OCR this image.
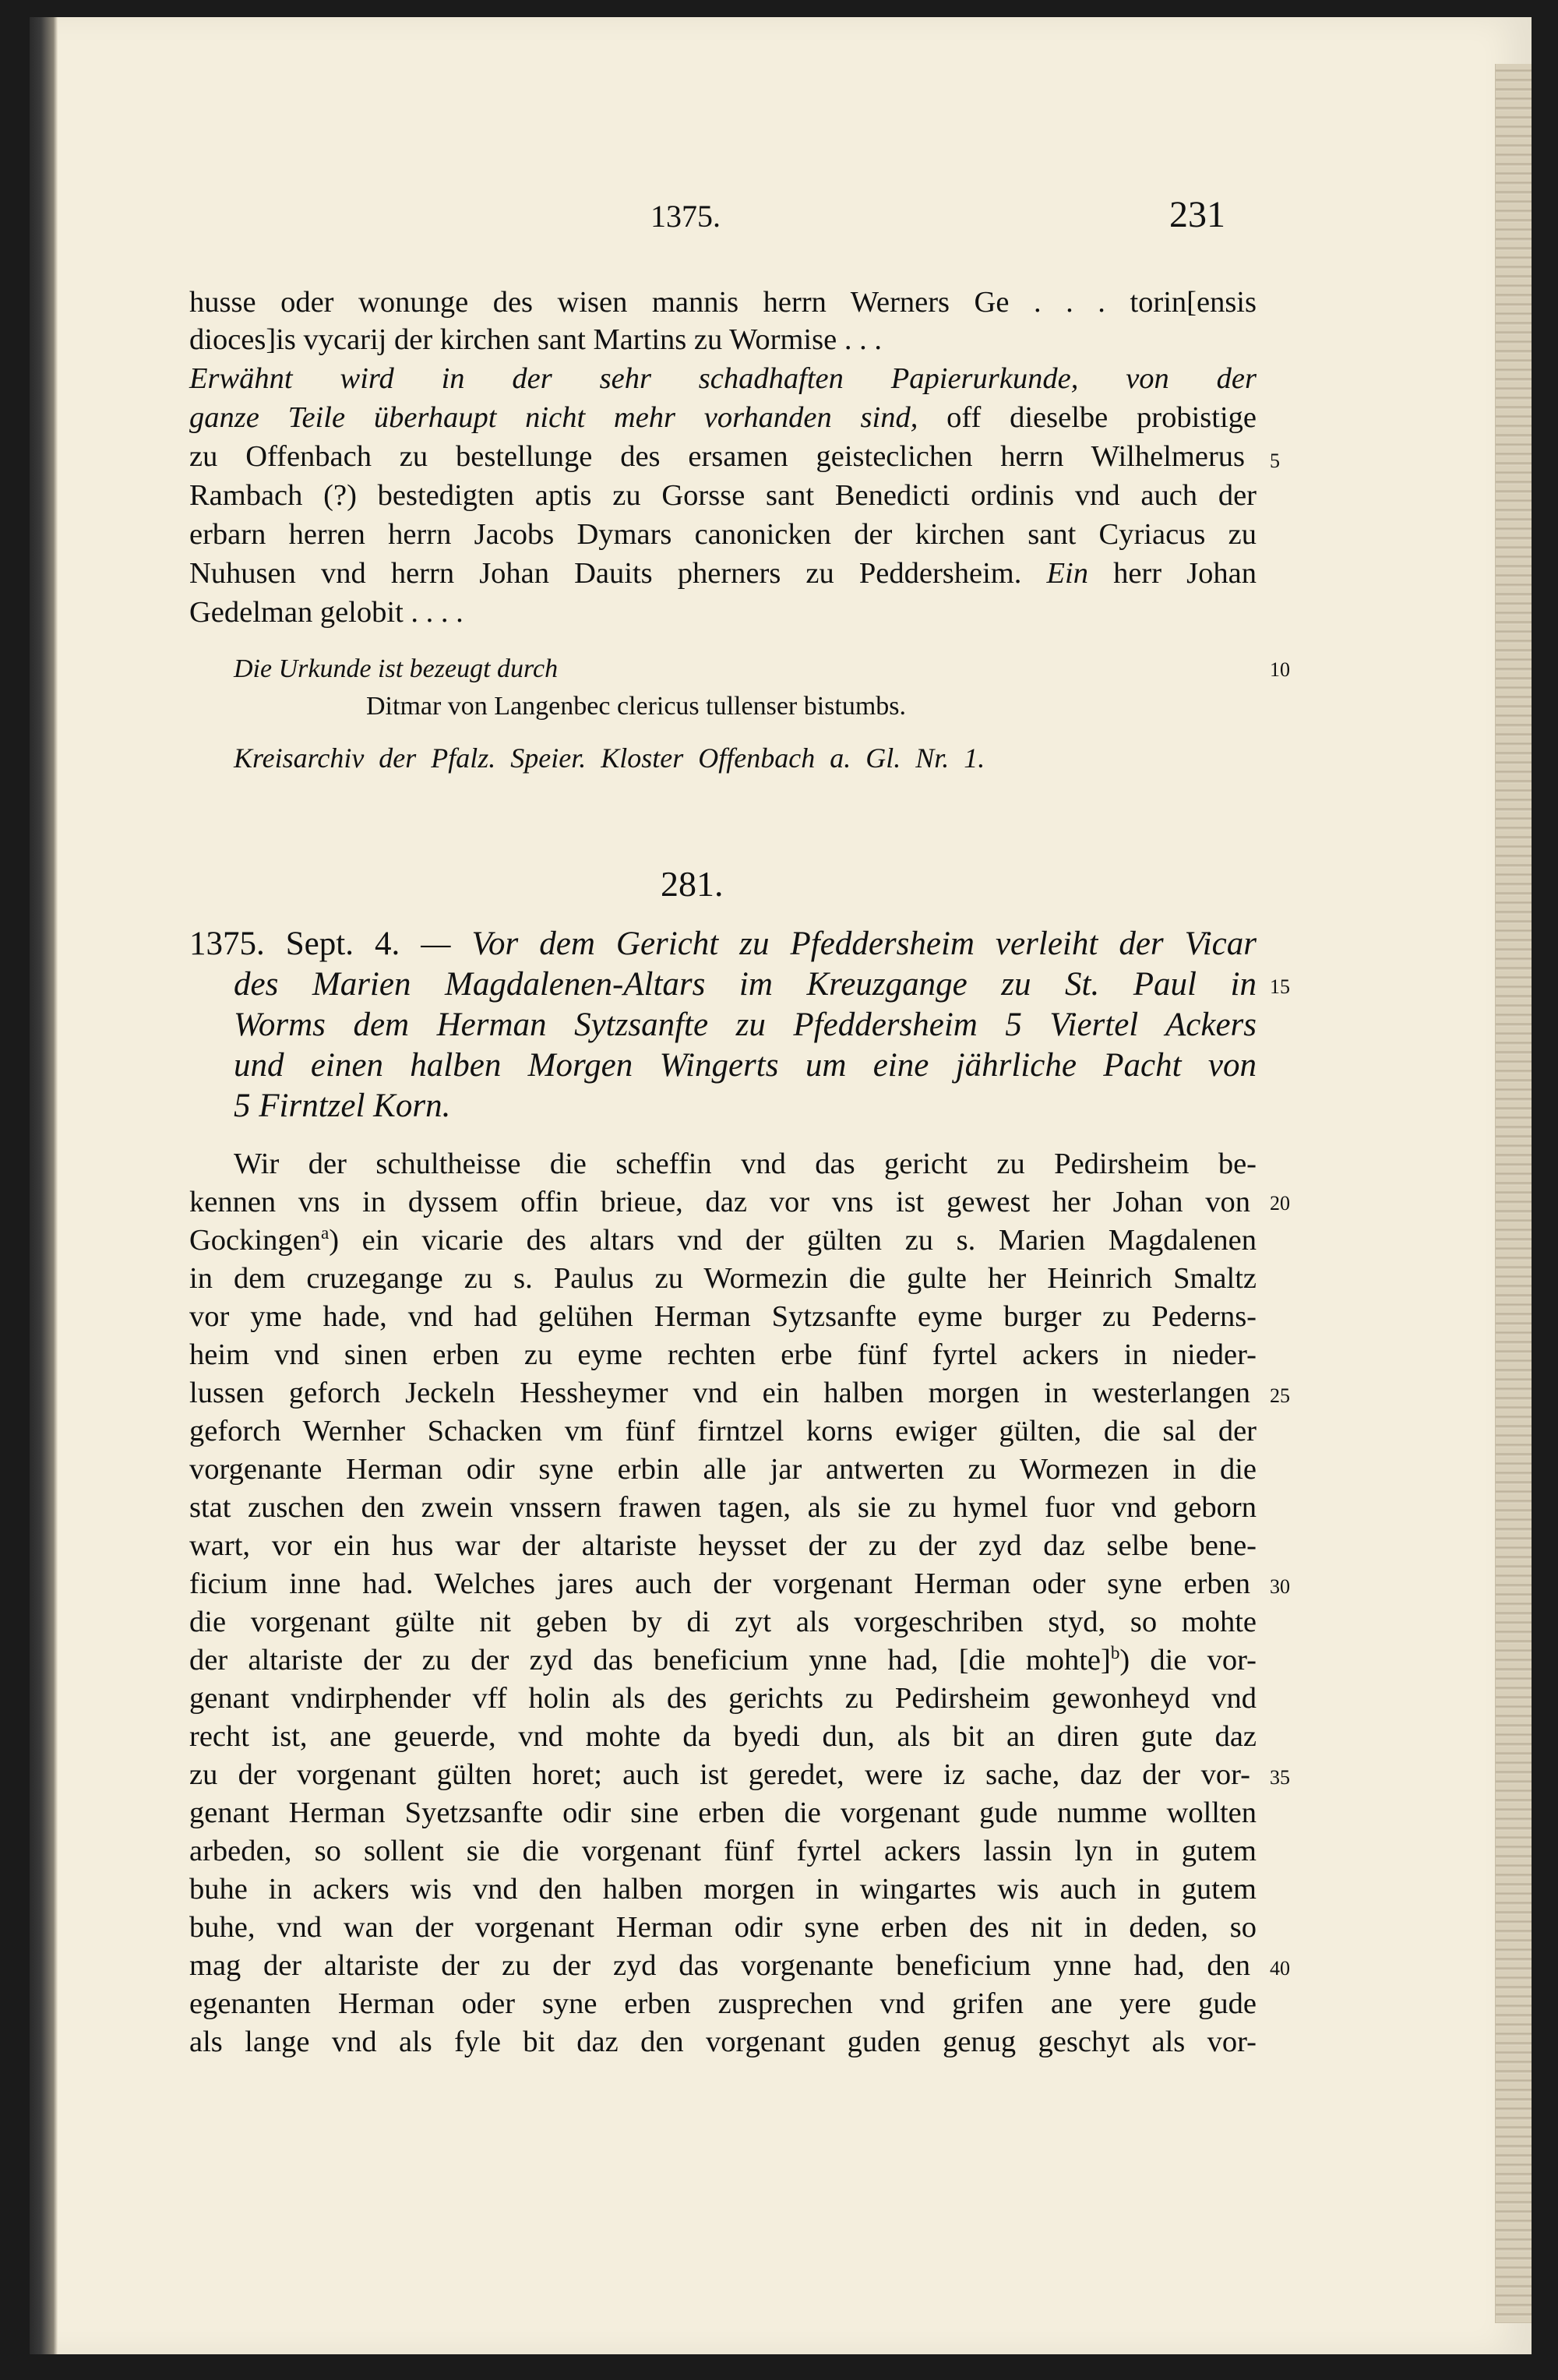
1375.	231
husse oder wonunge des wisen mannis herrn Werners Ge . . . torin[ensis
dioces]is vycarij der kirchen sant Martins zu Wormise . . .
Erwähnt wird in der sehr schadhaften Papierurkunde, von der
ganze Teile überhaupt nicht mehr vorhanden sind, off dieselbe probistige
zu Offenbach zu bestellunge des ersamen geisteclichen herrn Wilhelmerus
Rambach (?) bestedigten aptis zu Gorsse sant Benedicti ordinis vnd auch der
erbarn herren herrn Jacobs Dymars canonicken der kirchen sant Cyriacus zu
Nuhusen vnd herrn Johan Dauits pherners zu Peddersheim. Ein herr Johan
Gedelman gelobit . . . .
Die Urkunde ist bezeugt durch
Ditmar von Langenbec clericus tullenser bistumbs.
Kreisarchiv der Pfalz. Speier. Kloster Offenbach a. Gl. Nr. 1.
281.
1375. Sept. 4. — Vor dem Gericht zu Pfeddersheim verleiht der Vicar
des Marien Magdalenen-Altars im Kreuzgange zu St. Paul in
Worms dem Herman Sytzsanfte zu Pfeddersheim 5 Viertel Ackers
und einen halben Morgen Wingerts um eine jährliche Pacht von
5 Firntzel Korn.
Wir der schultheisse die scheffin vnd das gericht zu Pedirsheim be-
kennen vns in dyssem offin brieue, daz vor vns ist gewest her Johan von
Gockingen$^a$) ein vicarie des altars vnd der gülten zu s. Marien Magdalenen
in dem cruzegange zu s. Paulus zu Wormezin die gulte her Heinrich Smaltz
vor yme hade, vnd had gelühen Herman Sytzsanfte eyme burger zu Pederns-
heim vnd sinen erben zu eyme rechten erbe fünf fyrtel ackers in nieder-
lussen geforch Jeckeln Hessheymer vnd ein halben morgen in westerlangen
geforch Wernher Schacken vm fünf firntzel korns ewiger gülten, die sal der
vorgenante Herman odir syne erbin alle jar antwerten zu Wormezen in die
stat zuschen den zwein vnssern frawen tagen, als sie zu hymel fuor vnd geborn
wart, vor ein hus war der altariste heysset der zu der zyd daz selbe bene-
ficium inne had. Welches jares auch der vorgenant Herman oder syne erben
die vorgenant gülte nit geben by di zyt als vorgeschriben styd, so mohte
der altariste der zu der zyd das beneficium ynne had, [die mohte]$^b$) die vor-
genant vndirphender vff holin als des gerichts zu Pedirsheim gewonheyd vnd
recht ist, ane geuerde, vnd mohte da byedi dun, als bit an diren gute daz
zu der vorgenant gülten horet; auch ist geredet, were iz sache, daz der vor-
genant Herman Syetzsanfte odir sine erben die vorgenant gude numme wollten
arbeden, so sollent sie die vorgenant fünf fyrtel ackers lassin lyn in gutem
buhe in ackers wis vnd den halben morgen in wingartes wis auch in gutem
buhe, vnd wan der vorgenant Herman odir syne erben des nit in deden, so
mag der altariste der zu der zyd das vorgenante beneficium ynne had, den
egenanten Herman oder syne erben zusprechen vnd grifen ane yere gude
als lange vnd als fyle bit daz den vorgenant guden genug geschyt als vor-
5
10
15
20
25
30
35
40
